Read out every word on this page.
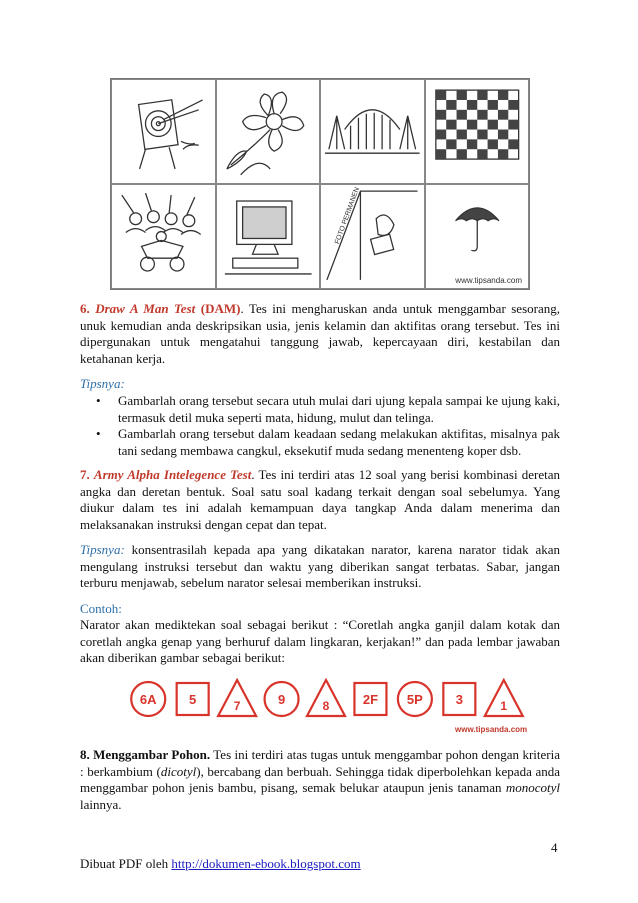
FOTO PERMANEN
www.tipsanda.com
6. Draw A Man Test (DAM). Tes ini mengharuskan anda untuk menggambar sesorang, unuk kemudian anda deskripsikan usia, jenis kelamin dan aktifitas orang tersebut. Tes ini dipergunakan untuk mengatahui tanggung jawab, kepercayaan diri, kestabilan dan ketahanan kerja.
Tipsnya:
• Gambarlah orang tersebut secara utuh mulai dari ujung kepala sampai ke ujung kaki, termasuk detil muka seperti mata, hidung, mulut dan telinga.
• Gambarlah orang tersebut dalam keadaan sedang melakukan aktifitas, misalnya pak tani sedang membawa cangkul, eksekutif muda sedang menenteng koper dsb.
7. Army Alpha Intelegence Test. Tes ini terdiri atas 12 soal yang berisi kombinasi deretan angka dan deretan bentuk. Soal satu soal kadang terkait dengan soal sebelumya. Yang diukur dalam tes ini adalah kemampuan daya tangkap Anda dalam menerima dan melaksanakan instruksi dengan cepat dan tepat.
Tipsnya: konsentrasilah kepada apa yang dikatakan narator, karena narator tidak akan mengulang instruksi tersebut dan waktu yang diberikan sangat terbatas. Sabar, jangan terburu menjawab, sebelum narator selesai memberikan instruksi.
Contoh:
Narator akan mediktekan soal sebagai berikut : “Coretlah angka ganjil dalam kotak dan coretlah angka genap yang berhuruf dalam lingkaran, kerjakan!” dan pada lembar jawaban akan diberikan gambar sebagai berikut:
6A	5	7	9	8	2F 5P	3	1
www.tipsanda.com
8. Menggambar Pohon. Tes ini terdiri atas tugas untuk menggambar pohon dengan kriteria : berkambium (dicotyl), bercabang dan berbuah. Sehingga tidak diperbolehkan kepada anda menggambar pohon jenis bambu, pisang, semak belukar ataupun jenis tanaman monocotyl lainnya.
4
Dibuat PDF oleh http://dokumen-ebook.blogspot.com
